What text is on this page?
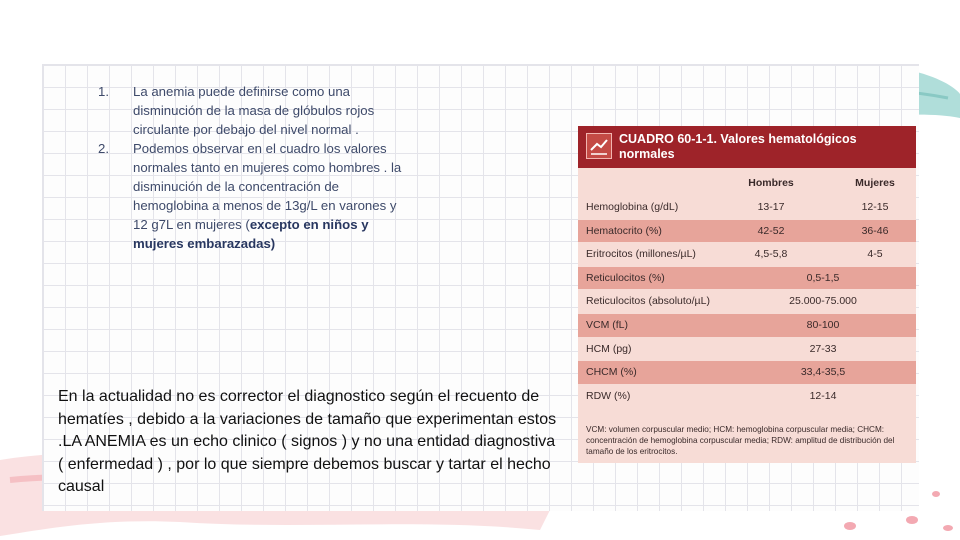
1. La anemia puede definirse como una disminución de la masa de glóbulos rojos circulante por debajo del nivel normal .
2. Podemos observar en el cuadro los valores normales tanto en mujeres como hombres . la disminución de la concentración de hemoglobina a menos de 13g/L en varones y 12 g7L en mujeres (excepto en niños y mujeres embarazadas)
En la actualidad no es corrector el diagnostico según el recuento de hematíes , debido a la variaciones de tamaño que experimentan estos .LA ANEMIA es un echo clinico ( signos ) y no una entidad diagnostiva ( enfermedad ) , por lo que siempre debemos buscar y tartar el hecho causal
CUADRO 60-1-1. Valores hematológicos normales
Hombres	Mujeres
Hemoglobina (g/dL)	13-17	12-15
Hematocrito (%)	42-52	36-46
Eritrocitos (millones/µL)	4,5-5,8	4-5
Reticulocitos (%)	0,5-1,5
Reticulocitos (absoluto/µL)	25.000-75.000
VCM (fL)	80-100
HCM (pg)	27-33
CHCM (%)	33,4-35,5
RDW (%)	12-14
VCM: volumen corpuscular medio; HCM: hemoglobina corpuscular media; CHCM: concentración de hemoglobina corpuscular media; RDW: amplitud de distribución del tamaño de los eritrocitos.
